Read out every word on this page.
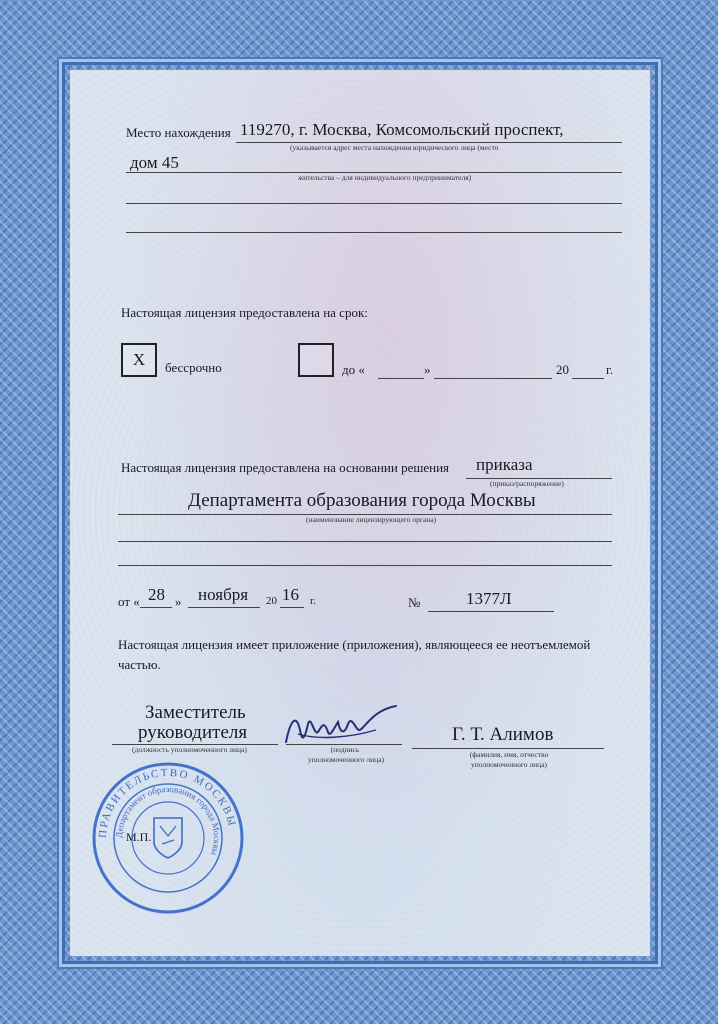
Место нахождения 119270, г. Москва, Комсомольский проспект,
(указывается адрес места нахождения юридического лица (место
дом 45
жительства – для индивидуального предпринимателя)
Настоящая лицензия предоставлена на срок:
Х бессрочно	до «	»	20	г.
Настоящая лицензия предоставлена на основании решения приказа
(приказ/распоряжение)
Департамента образования города Москвы
(наименование лицензирующего органа)
от « 28 » ноября 20 16 г.	№	1377Л
Настоящая лицензия имеет приложение (приложения), являющееся ее неотъемлемой
частью.
Заместитель
руководителя
(должность уполномоченного лица)	(подпись
уполномоченного лица)
Г. Т. Алимов
(фамилия, имя, отчество
уполномоченного лица)
ПРАВИТЕЛЬСТВО МОСКВЫ
Департамент образования города Москвы
М.П.
